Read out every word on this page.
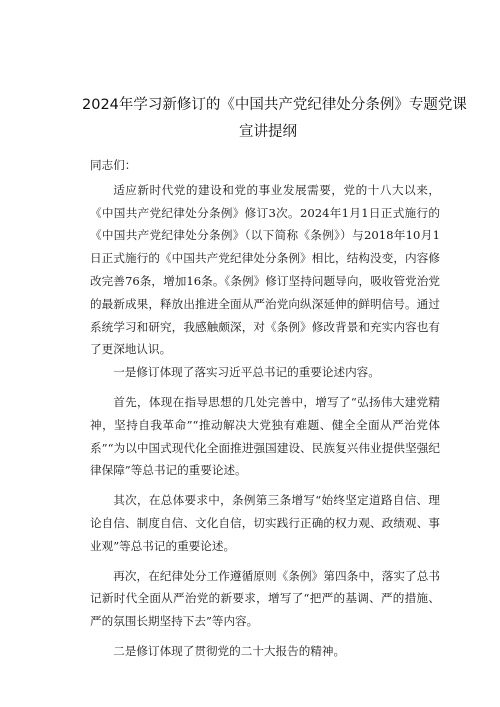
2024年学习新修订的《中国共产党纪律处分条例》专题党课
宣讲提纲

同志们：

适应新时代党的建设和党的事业发展需要，党的十八大以来，《中国共产党纪律处分条例》修订3次。2024年1月1日正式施行的《中国共产党纪律处分条例》（以下简称《条例》）与2018年10月1日正式施行的《中国共产党纪律处分条例》相比，结构没变，内容修改完善76条，增加16条。《条例》修订坚持问题导向，吸收管党治党的最新成果，释放出推进全面从严治党向纵深延伸的鲜明信号。通过系统学习和研究，我感触颇深，对《条例》修改背景和充实内容也有了更深地认识。

一是修订体现了落实习近平总书记的重要论述内容。

首先，体现在指导思想的几处完善中，增写了“弘扬伟大建党精神，坚持自我革命”“推动解决大党独有难题、健全全面从严治党体系”“为以中国式现代化全面推进强国建设、民族复兴伟业提供坚强纪律保障”等总书记的重要论述。

其次，在总体要求中，条例第三条增写“始终坚定道路自信、理论自信、制度自信、文化自信，切实践行正确的权力观、政绩观、事业观”等总书记的重要论述。

再次，在纪律处分工作遵循原则《条例》第四条中，落实了总书记新时代全面从严治党的新要求，增写了“把严的基调、严的措施、严的氛围长期坚持下去”等内容。

二是修订体现了贯彻党的二十大报告的精神。
